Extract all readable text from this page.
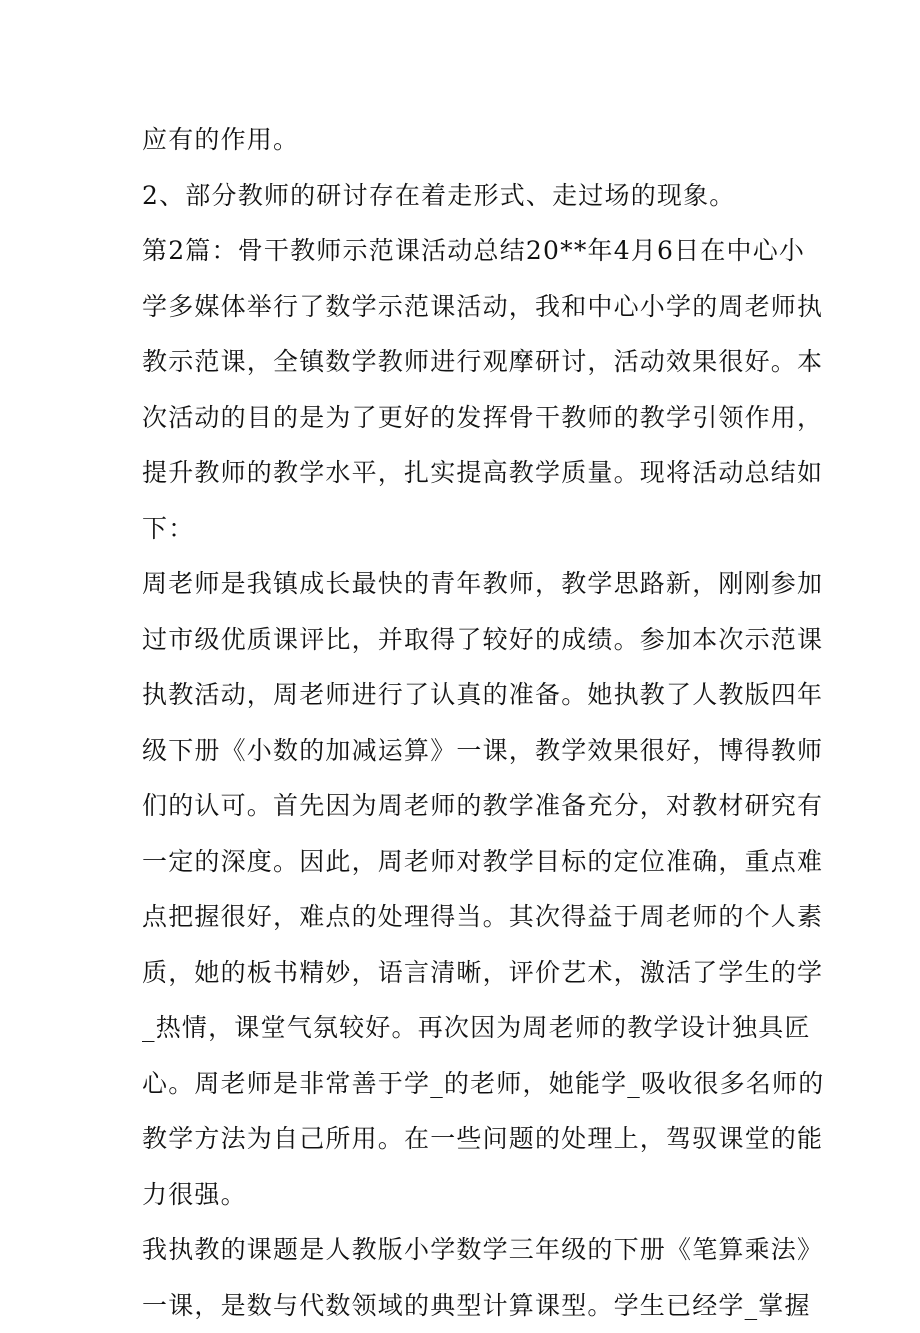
应有的作用。
2、部分教师的研讨存在着走形式、走过场的现象。
第2篇：骨干教师示范课活动总结20**年4月6日在中心小
学多媒体举行了数学示范课活动，我和中心小学的周老师执
教示范课，全镇数学教师进行观摩研讨，活动效果很好。本
次活动的目的是为了更好的发挥骨干教师的教学引领作用，
提升教师的教学水平，扎实提高教学质量。现将活动总结如
下：
周老师是我镇成长最快的青年教师，教学思路新，刚刚参加
过市级优质课评比，并取得了较好的成绩。参加本次示范课
执教活动，周老师进行了认真的准备。她执教了人教版四年
级下册《小数的加减运算》一课，教学效果很好，博得教师
们的认可。首先因为周老师的教学准备充分，对教材研究有
一定的深度。因此，周老师对教学目标的定位准确，重点难
点把握很好，难点的处理得当。其次得益于周老师的个人素
质，她的板书精妙，语言清晰，评价艺术，激活了学生的学
_热情，课堂气氛较好。再次因为周老师的教学设计独具匠
心。周老师是非常善于学_的老师，她能学_吸收很多名师的
教学方法为自己所用。在一些问题的处理上，驾驭课堂的能
力很强。
我执教的课题是人教版小学数学三年级的下册《笔算乘法》
一课，是数与代数领域的典型计算课型。学生已经学_掌握
